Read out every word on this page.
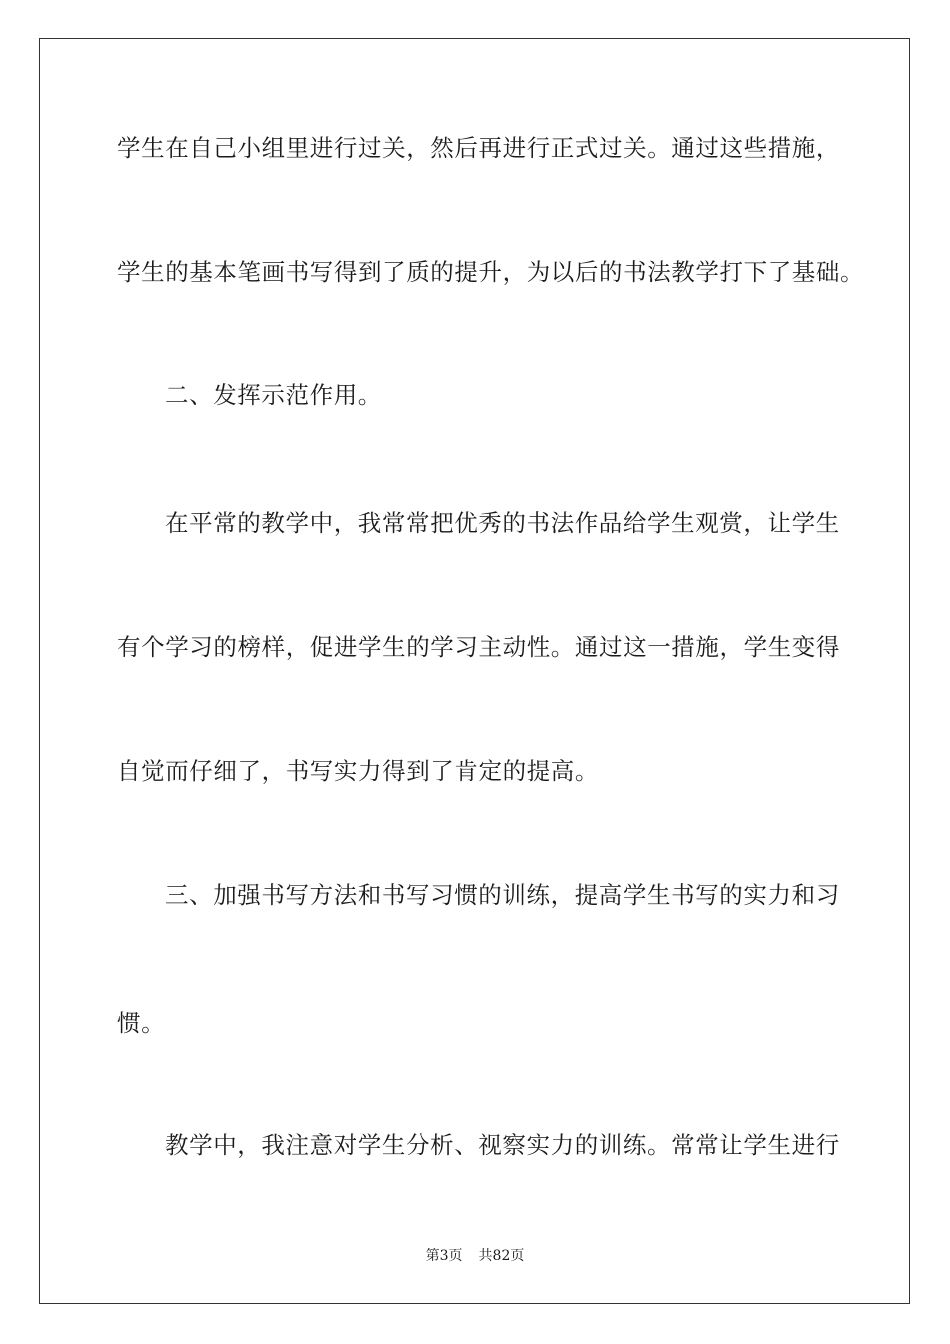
学生在自己小组里进行过关，然后再进行正式过关。通过这些措施，
学生的基本笔画书写得到了质的提升，为以后的书法教学打下了基础。
二、发挥示范作用。
在平常的教学中，我常常把优秀的书法作品给学生观赏，让学生
有个学习的榜样，促进学生的学习主动性。通过这一措施，学生变得
自觉而仔细了，书写实力得到了肯定的提高。
三、加强书写方法和书写习惯的训练，提高学生书写的实力和习
惯。
教学中，我注意对学生分析、视察实力的训练。常常让学生进行
第3页 共82页
